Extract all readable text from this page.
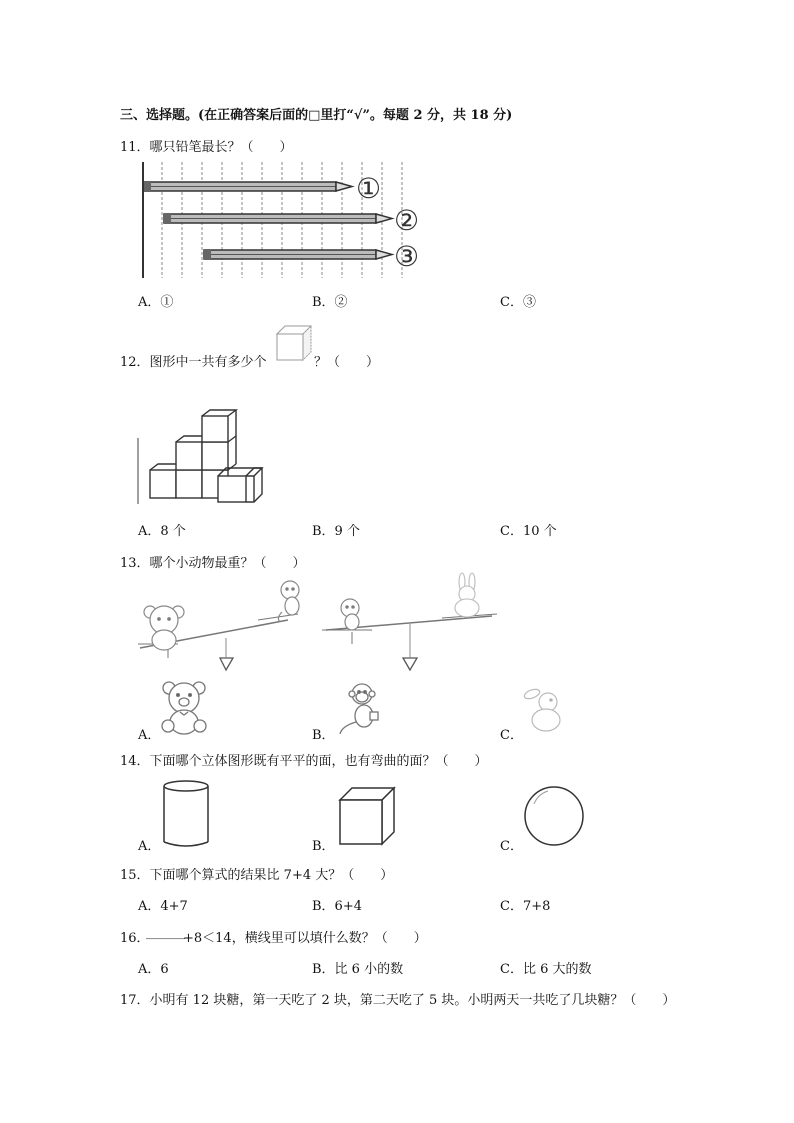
三、选择题。(在正确答案后面的□里打“√”。每题 2 分，共 18 分)
11．哪只铅笔最长？（　　）
①
②
③
A．①	B．②	C．③
12．图形中一共有多少个	？（　　）
A．8 个	B．9 个	C．10 个
13．哪个小动物最重？（　　）
A．	B．	C．
14．下面哪个立体图形既有平平的面，也有弯曲的面？（　　）
A．	B．	C．
15．下面哪个算式的结果比 7+4 大？（　　）
A．4+7	B．6+4	C．7+8
16．
______
+8＜14，横线里可以填什么数？（　　）
A．6	B．比 6 小的数	C．比 6 大的数
17．小明有 12 块糖，第一天吃了 2 块，第二天吃了 5 块。小明两天一共吃了几块糖？（　　）
